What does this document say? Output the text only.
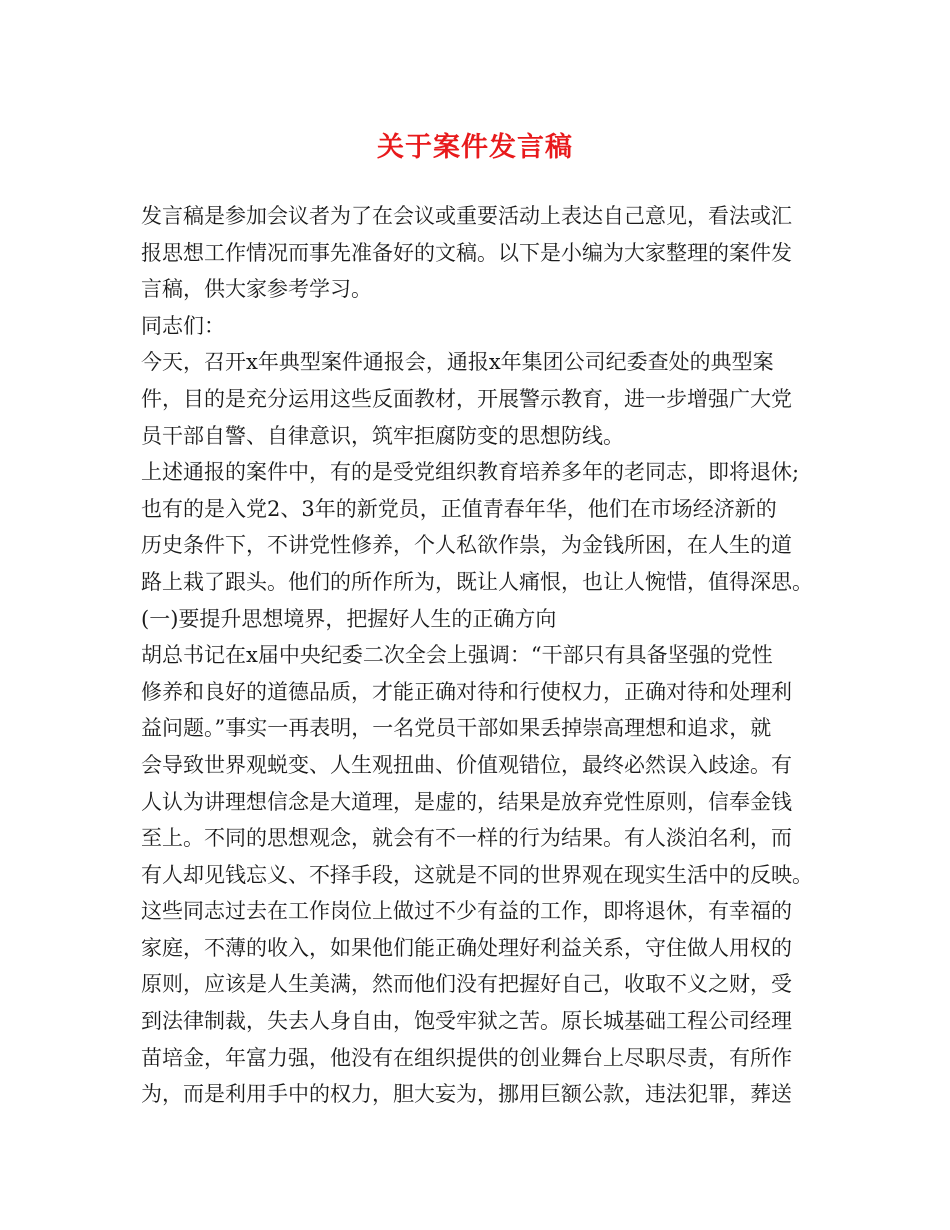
关于案件发言稿
发言稿是参加会议者为了在会议或重要活动上表达自己意见，看法或汇
报思想工作情况而事先准备好的文稿。以下是小编为大家整理的案件发
言稿，供大家参考学习。
同志们：
今天，召开x年典型案件通报会，通报x年集团公司纪委查处的典型案
件，目的是充分运用这些反面教材，开展警示教育，进一步增强广大党
员干部自警、自律意识，筑牢拒腐防变的思想防线。
上述通报的案件中，有的是受党组织教育培养多年的老同志，即将退休;
也有的是入党2、3年的新党员，正值青春年华，他们在市场经济新的
历史条件下，不讲党性修养，个人私欲作祟，为金钱所困，在人生的道
路上栽了跟头。他们的所作所为，既让人痛恨，也让人惋惜，值得深思。
(一)要提升思想境界，把握好人生的正确方向
胡总书记在x届中央纪委二次全会上强调：“干部只有具备坚强的党性
修养和良好的道德品质，才能正确对待和行使权力，正确对待和处理利
益问题。”事实一再表明，一名党员干部如果丢掉崇高理想和追求，就
会导致世界观蜕变、人生观扭曲、价值观错位，最终必然误入歧途。有
人认为讲理想信念是大道理，是虚的，结果是放弃党性原则，信奉金钱
至上。不同的思想观念，就会有不一样的行为结果。有人淡泊名利，而
有人却见钱忘义、不择手段，这就是不同的世界观在现实生活中的反映。
这些同志过去在工作岗位上做过不少有益的工作，即将退休，有幸福的
家庭，不薄的收入，如果他们能正确处理好利益关系，守住做人用权的
原则，应该是人生美满，然而他们没有把握好自己，收取不义之财，受
到法律制裁，失去人身自由，饱受牢狱之苦。原长城基础工程公司经理
苗培金，年富力强，他没有在组织提供的创业舞台上尽职尽责，有所作
为，而是利用手中的权力，胆大妄为，挪用巨额公款，违法犯罪，葬送
